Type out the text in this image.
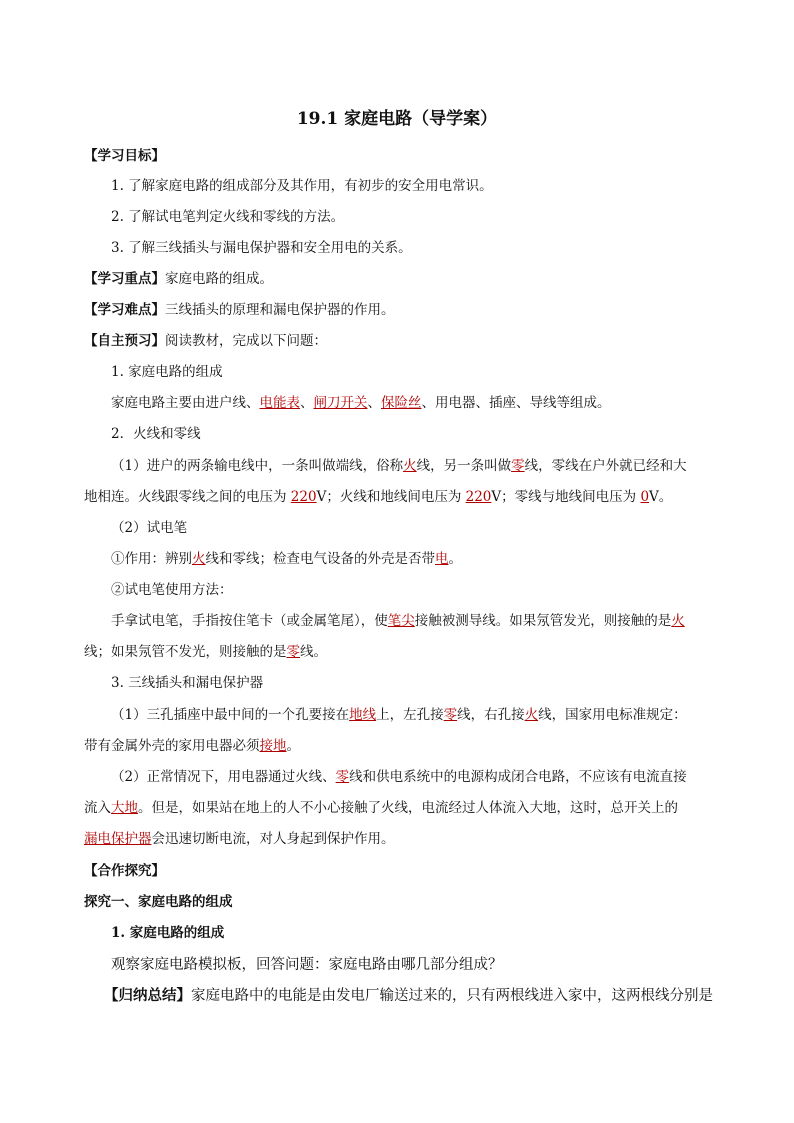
19.1 家庭电路（导学案）
【学习目标】
1. 了解家庭电路的组成部分及其作用，有初步的安全用电常识。
2. 了解试电笔判定火线和零线的方法。
3. 了解三线插头与漏电保护器和安全用电的关系。
【学习重点】家庭电路的组成。
【学习难点】三线插头的原理和漏电保护器的作用。
【自主预习】阅读教材，完成以下问题：
1. 家庭电路的组成
家庭电路主要由进户线、电能表、闸刀开关、保险丝、用电器、插座、导线等组成。
2．火线和零线
（1）进户的两条输电线中，一条叫做端线，俗称火线，另一条叫做零线，零线在户外就已经和大
地相连。火线跟零线之间的电压为 220V；火线和地线间电压为 220V；零线与地线间电压为 0V。
（2）试电笔
①作用：辨别火线和零线；检查电气设备的外壳是否带电。
②试电笔使用方法：
手拿试电笔，手指按住笔卡（或金属笔尾），使笔尖接触被测导线。如果氖管发光，则接触的是火
线；如果氖管不发光，则接触的是零线。
3. 三线插头和漏电保护器
（1）三孔插座中最中间的一个孔要接在地线上，左孔接零线，右孔接火线，国家用电标准规定：
带有金属外壳的家用电器必须接地。
（2）正常情况下，用电器通过火线、零线和供电系统中的电源构成闭合电路，不应该有电流直接
流入大地。但是，如果站在地上的人不小心接触了火线，电流经过人体流入大地，这时，总开关上的
漏电保护器会迅速切断电流，对人身起到保护作用。
【合作探究】
探究一、家庭电路的组成
1. 家庭电路的组成
观察家庭电路模拟板，回答问题：家庭电路由哪几部分组成？
【归纳总结】家庭电路中的电能是由发电厂输送过来的，只有两根线进入家中，这两根线分别是
